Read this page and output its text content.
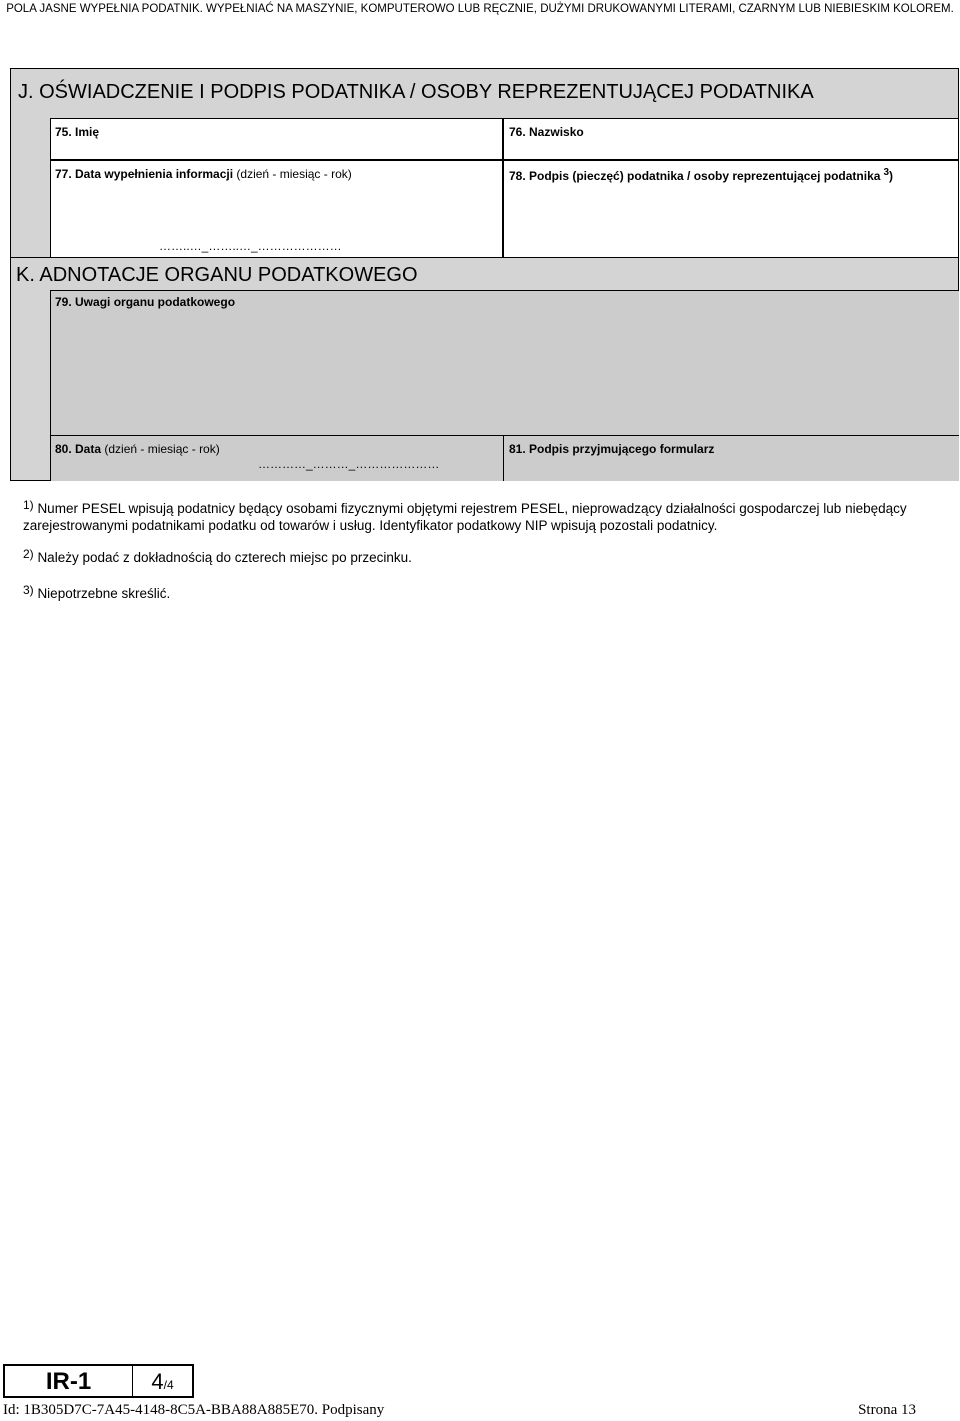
POLA JASNE WYPEŁNIA PODATNIK. WYPEŁNIAĆ NA MASZYNIE, KOMPUTEROWO LUB RĘCZNIE, DUŻYMI DRUKOWANYMI LITERAMI, CZARNYM LUB NIEBIESKIM KOLOREM.
J. OŚWIADCZENIE I PODPIS PODATNIKA / OSOBY REPREZENTUJĄCEJ PODATNIKA
75. Imię	76. Nazwisko
77. Data wypełnienia informacji (dzień - miesiąc - rok)
……..…_……..…_…………………
78. Podpis (pieczęć) podatnika / osoby reprezentującej podatnika $^3$)
K. ADNOTACJE ORGANU PODATKOWEGO
79. Uwagi organu podatkowego
80. Data (dzień - miesiąc - rok)
…………_………_…………………
81. Podpis przyjmującego formularz
$^{1)}$ Numer PESEL wpisują podatnicy będący osobami fizycznymi objętymi rejestrem PESEL, nieprowadzący działalności gospodarczej lub niebędący zarejestrowanymi podatnikami podatku od towarów i usług. Identyfikator podatkowy NIP wpisują pozostali podatnicy.
$^{2)}$ Należy podać z dokładnością do czterech miejsc po przecinku.
$^{3)}$ Niepotrzebne skreślić.
IR-1	4/4
Id: 1B305D7C-7A45-4148-8C5A-BBA88A885E70. Podpisany	Strona 13
